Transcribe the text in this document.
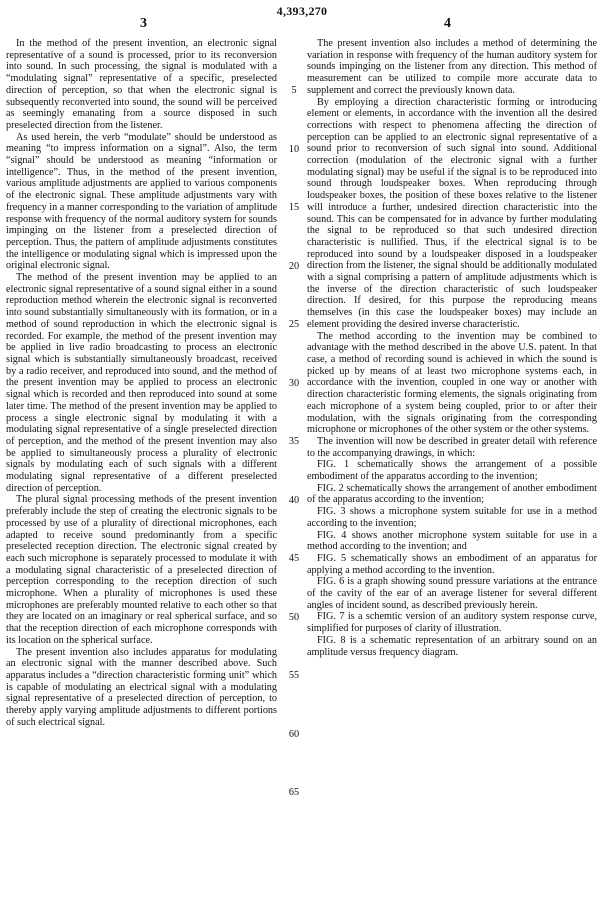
4,393,270
3	4

In the method of the present invention, an electronic signal representative of a sound is processed, prior to its reconversion into sound. In such processing, the signal is modulated with a “modulating signal” representative of a specific, preselected direction of perception, so that when the electronic signal is subsequently reconverted into sound, the sound will be perceived as seemingly emanating from a source disposed in such preselected direction from the listener.

As used herein, the verb “modulate” should be understood as meaning “to impress information on a signal”. Also, the term “signal” should be understood as meaning “information or intelligence”. Thus, in the method of the present invention, various amplitude adjustments are applied to various components of the electronic signal. These amplitude adjustments vary with frequency in a manner corresponding to the variation of amplitude response with frequency of the normal auditory system for sounds impinging on the listener from a preselected direction of perception. Thus, the pattern of amplitude adjustments constitutes the intelligence or modulating signal which is impressed upon the original electronic signal.

The method of the present invention may be applied to an electronic signal representative of a sound signal either in a sound reproduction method wherein the electronic signal is reconverted into sound substantially simultaneously with its formation, or in a method of sound reproduction in which the electronic signal is recorded. For example, the method of the present invention may be applied in live radio broadcasting to process an electronic signal which is substantially simultaneously broadcast, received by a radio receiver, and reproduced into sound, and the method of the present invention may be applied to process an electronic signal which is recorded and then reproduced into sound at some later time. The method of the present invention may be applied to process a single electronic signal by modulating it with a modulating signal representative of a single preselected direction of perception, and the method of the present invention may also be applied to simultaneously process a plurality of electronic signals by modulating each of such signals with a different modulating signal representative of a different preselected direction of perception.

The plural signal processing methods of the present invention preferably include the step of creating the electronic signals to be processed by use of a plurality of directional microphones, each adapted to receive sound predominantly from a specific preselected reception direction. The electronic signal created by each such microphone is separately processed to modulate it with a modulating signal characteristic of a preselected direction of perception corresponding to the reception direction of such microphone. When a plurality of microphones is used these microphones are preferably mounted relative to each other so that they are located on an imaginary or real spherical surface, and so that the reception direction of each microphone corresponds with its location on the spherical surface.

The present invention also includes apparatus for modulating an electronic signal with the manner described above. Such apparatus includes a “direction characteristic forming unit” which is capable of modulating an electrical signal with a modulating signal representative of a preselected direction of perception, to thereby apply varying amplitude adjustments to different portions of such electrical signal.

5
10
15
20
25
30
35
40
45
50
55
60
65

The present invention also includes a method of determining the variation in response with frequency of the human auditory system for sounds impinging on the listener from any direction. This method of measurement can be utilized to compile more accurate data to supplement and correct the previously known data.

By employing a direction characteristic forming or introducing element or elements, in accordance with the invention all the desired corrections with respect to phenomena affecting the direction of perception can be applied to an electronic signal representative of a sound prior to reconversion of such signal into sound. Additional correction (modulation of the electronic signal with a further modulating signal) may be useful if the signal is to be reproduced into sound through loudspeaker boxes. When reproducing through loudspeaker boxes, the position of these boxes relative to the listener will introduce a further, undesired direction characteristic into the sound. This can be compensated for in advance by further modulating the signal to be reproduced so that such undesired direction characteristic is nullified. Thus, if the electrical signal is to be reproduced into sound by a loudspeaker disposed in a loudspeaker direction from the listener, the signal should be additionally modulated with a signal comprising a pattern of amplitude adjustments which is the inverse of the direction characteristic of such loudspeaker direction. If desired, for this purpose the reproducing means themselves (in this case the loudspeaker boxes) may include an element providing the desired inverse characteristic.

The method according to the invention may be combined to advantage with the method described in the above U.S. patent. In that case, a method of recording sound is achieved in which the sound is picked up by means of at least two microphone systems each, in accordance with the invention, coupled in one way or another with direction characteristic forming elements, the signals originating from each microphone of a system being coupled, prior to or after their modulation, with the signals originating from the corresponding microphone or microphones of the other system or the other systems.

The invention will now be described in greater detail with reference to the accompanying drawings, in which:

FIG. 1 schematically shows the arrangement of a possible embodiment of the apparatus according to the invention;

FIG. 2 schematically shows the arrangement of another embodiment of the apparatus according to the invention;

FIG. 3 shows a microphone system suitable for use in a method according to the invention;

FIG. 4 shows another microphone system suitable for use in a method according to the invention; and

FIG. 5 schematically shows an embodiment of an apparatus for applying a method according to the invention.

FIG. 6 is a graph showing sound pressure variations at the entrance of the cavity of the ear of an average listener for several different angles of incident sound, as described previously herein.

FIG. 7 is a schemtic version of an auditory system response curve, simplified for purposes of clarity of illustration.

FIG. 8 is a schematic representation of an arbitrary sound on an amplitude versus frequency diagram.
